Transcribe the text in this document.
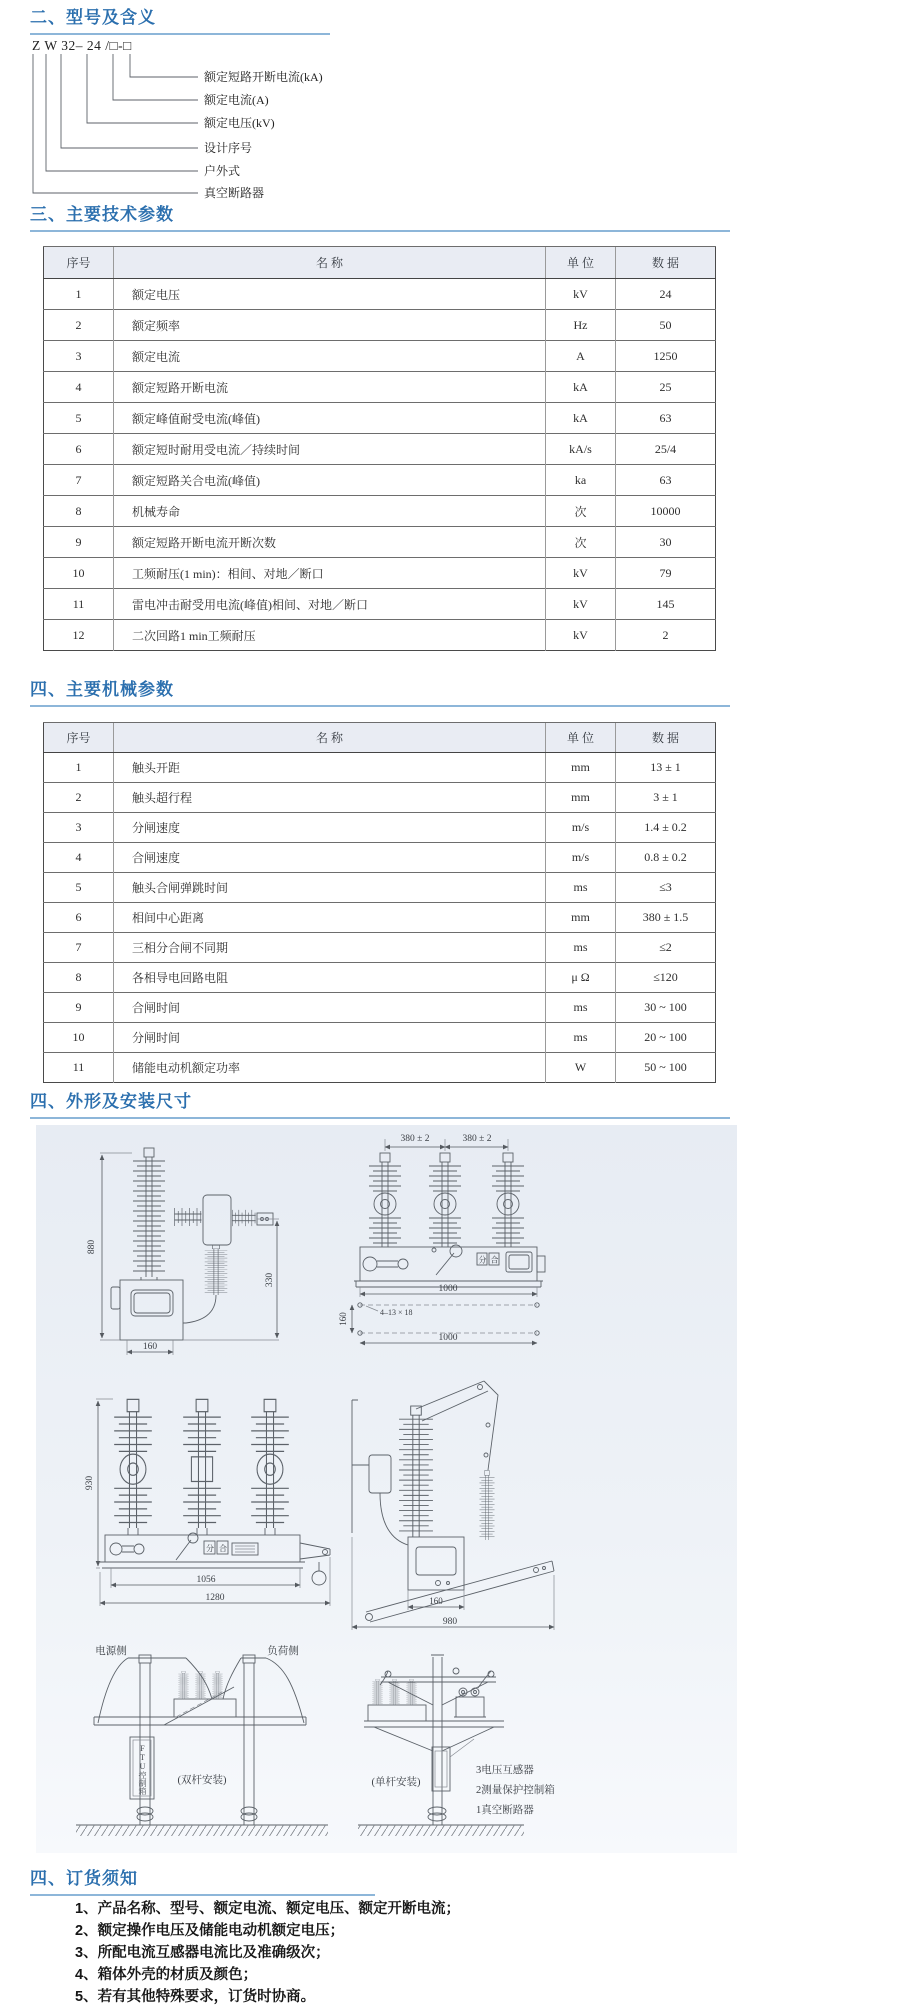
二、型号及含义
Z W 32– 24 /□-□
额定短路开断电流(kA)
额定电流(A)
额定电压(kV)
设计序号
户外式
真空断路器
三、主要技术参数
序号	名 称	单 位	数 据
1	额定电压	kV	24
2	额定频率	Hz	50
3	额定电流	A	1250
4	额定短路开断电流	kA	25
5	额定峰值耐受电流(峰值)	kA	63
6	额定短时耐用受电流／持续时间	kA/s	25/4
7	额定短路关合电流(峰值)	ka	63
8	机械寿命	次	10000
9	额定短路开断电流开断次数	次	30
10	工频耐压(1 min)：相间、对地／断口	kV	79
11	雷电冲击耐受用电流(峰值)相间、对地／断口	kV	145
12	二次回路1 min工频耐压	kV	2
四、主要机械参数
序号	名 称	单 位	数 据
1	触头开距	mm	13 ± 1
2	触头超行程	mm	3 ± 1
3	分闸速度	m/s	1.4 ± 0.2
4	合闸速度	m/s	0.8 ± 0.2
5	触头合闸弹跳时间	ms	≤3
6	相间中心距离	mm	380 ± 1.5
7	三相分合闸不同期	ms	≤2
8	各相导电回路电阻	μ Ω	≤120
9	合闸时间	ms	30 ~ 100
10	分闸时间	ms	20 ~ 100
11	储能电动机额定功率	W	50 ~ 100
四、外形及安装尺寸
880
330
160
380 ± 2	380 ± 2
分 合
1000
160	4–13 × 18
1000
分 合
930
1056
1280	160
980
电源侧	负荷侧
(双杆安装)	(单杆安装)
3电压互感器
2测量保护控制箱
1真空断路器
FTU控制箱
四、订货须知
1、产品名称、型号、额定电流、额定电压、额定开断电流；
2、额定操作电压及储能电动机额定电压；
3、所配电流互感器电流比及准确级次；
4、箱体外壳的材质及颜色；
5、若有其他特殊要求，订货时协商。
